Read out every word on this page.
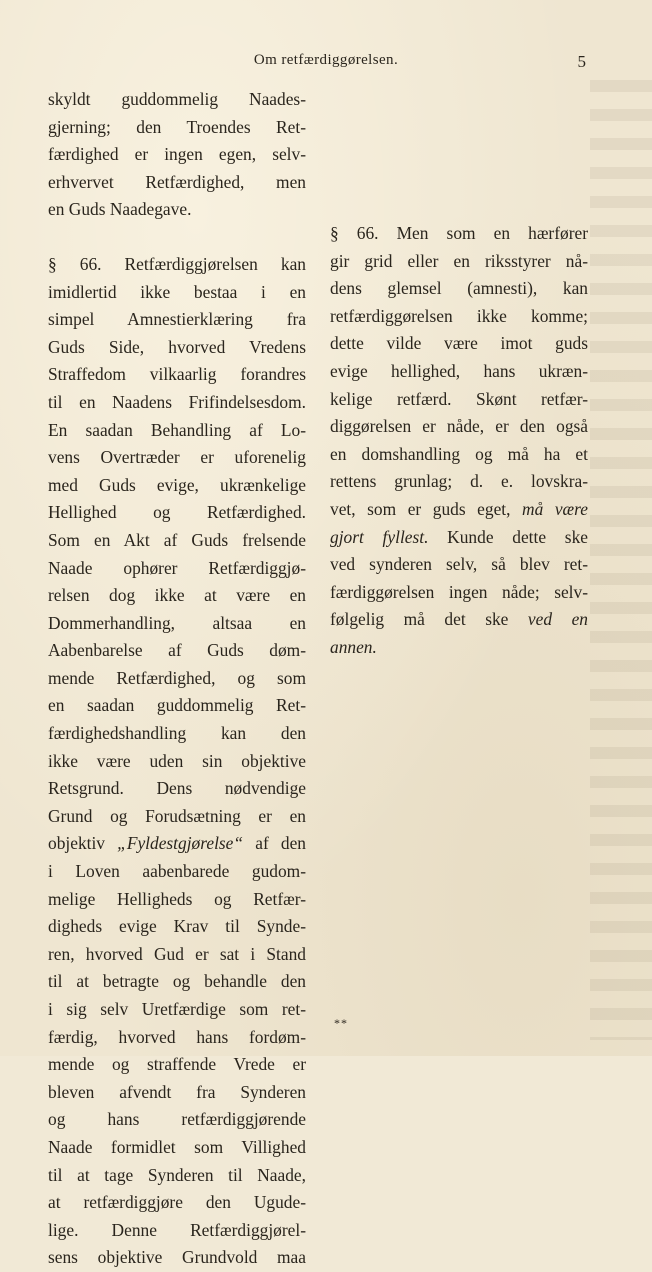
Om retfærdiggørelsen.	5
skyldt guddommelig Naades-
gjerning; den Troendes Ret-
færdighed er ingen egen, selv-
erhvervet Retfærdighed, men
en Guds Naadegave.
§ 66. Retfærdiggjørelsen kan
imidlertid ikke bestaa i en
simpel Amnestierklæring fra
Guds Side, hvorved Vredens
Straffedom vilkaarlig forandres
til en Naadens Frifindelsesdom.
En saadan Behandling af Lo-
vens Overtræder er uforenelig
med Guds evige, ukrænkelige
Hellighed og Retfærdighed.
Som en Akt af Guds frelsende
Naade ophører Retfærdiggjø-
relsen dog ikke at være en
Dommerhandling, altsaa en
Aabenbarelse af Guds døm-
mende Retfærdighed, og som
en saadan guddommelig Ret-
færdighedshandling kan den
ikke være uden sin objektive
Retsgrund. Dens nødvendige
Grund og Forudsætning er en
objektiv „Fyldestgjørelse“ af den
i Loven aabenbarede gudom-
melige Helligheds og Retfær-
digheds evige Krav til Synde-
ren, hvorved Gud er sat i Stand
til at betragte og behandle den
i sig selv Uretfærdige som ret-
færdig, hvorved hans fordøm-
mende og straffende Vrede er
bleven afvendt fra Synderen
og hans retfærdiggjørende
Naade formidlet som Villighed
til at tage Synderen til Naade,
at retfærdiggjøre den Ugude-
lige. Denne Retfærdiggjørel-
sens objektive Grundvold maa
§ 66. Men som en hærfører
gir grid eller en riksstyrer nå-
dens glemsel (amnesti), kan
retfærdiggørelsen ikke komme;
dette vilde være imot guds
evige hellighed, hans ukræn-
kelige retfærd. Skønt retfær-
diggørelsen er nåde, er den også
en domshandling og må ha et
rettens grunlag; d. e. lovskra-
vet, som er guds eget, må være
gjort fyllest. Kunde dette ske
ved synderen selv, så blev ret-
færdiggørelsen ingen nåde; selv-
følgelig må det ske ved en
annen.
**
